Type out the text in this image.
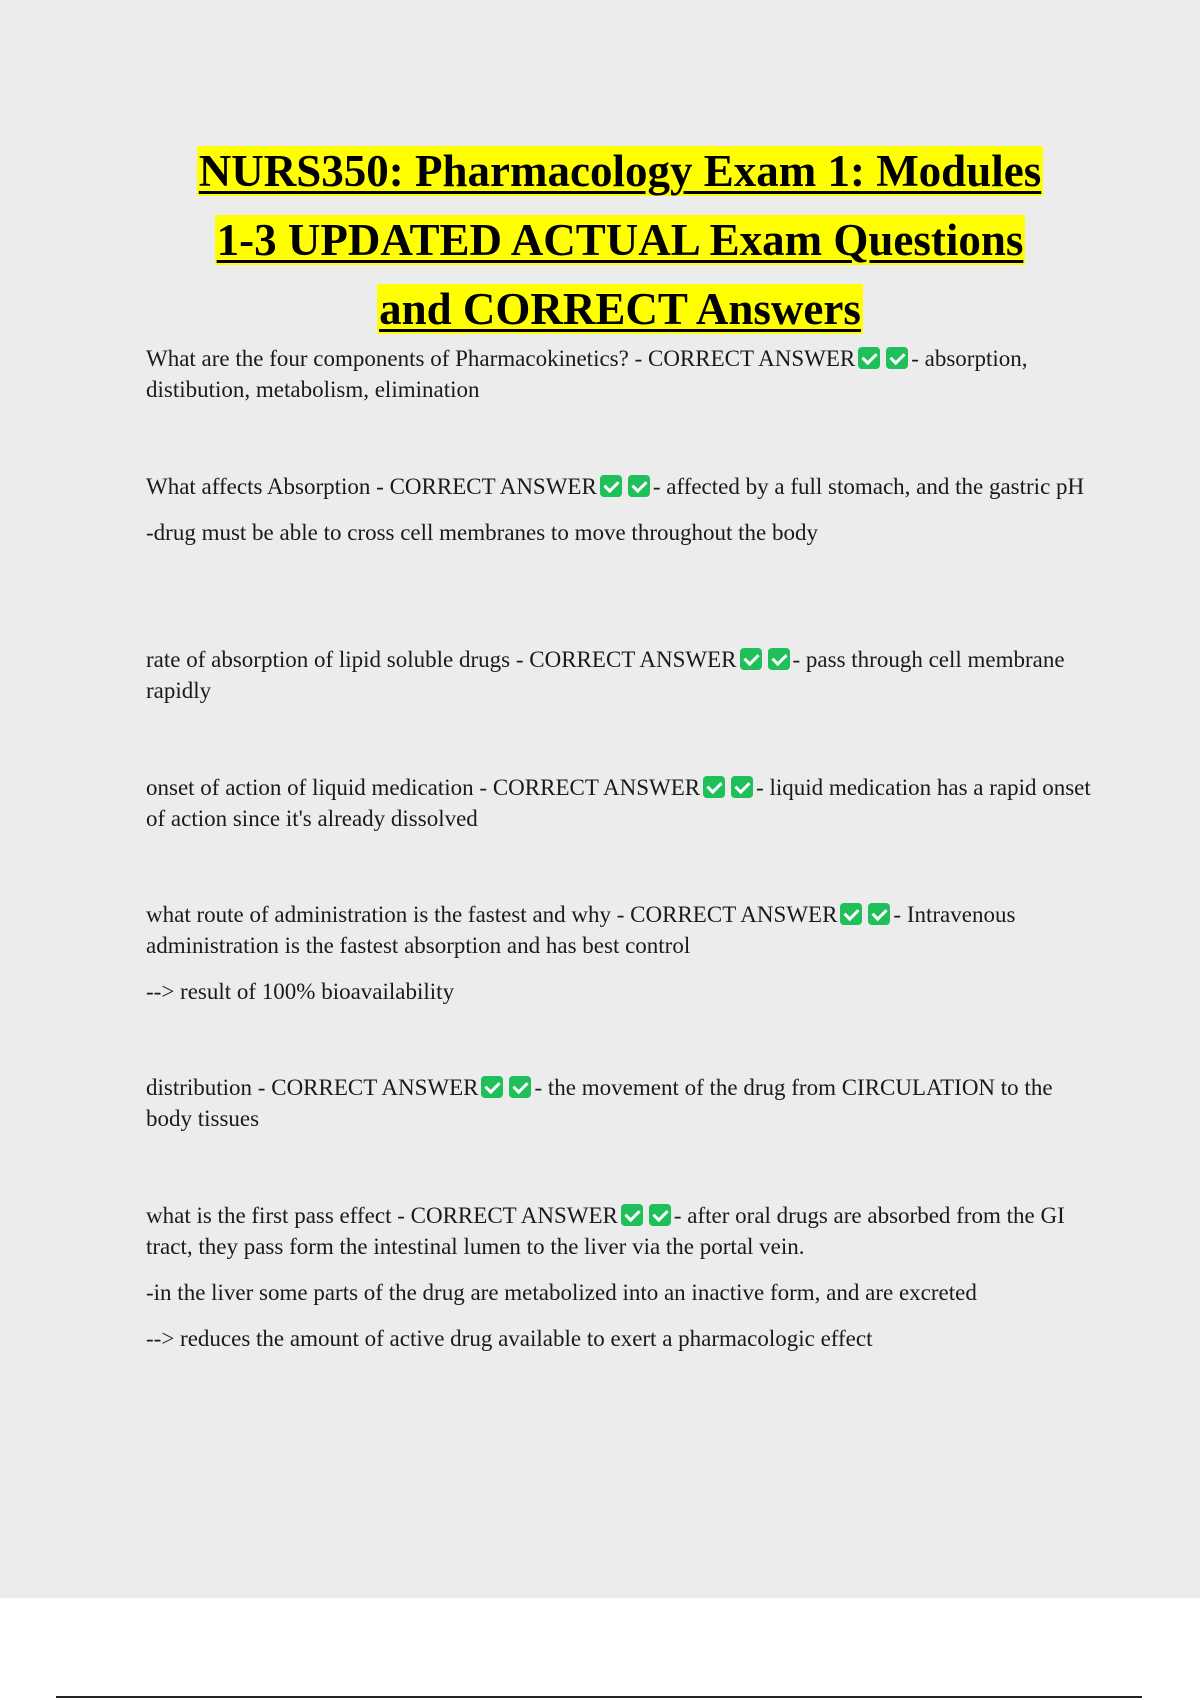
NURS350: Pharmacology Exam 1: Modules

1-3 UPDATED ACTUAL Exam Questions

and CORRECT Answers

What are the four components of Pharmacokinetics? - CORRECT ANSWER - absorption, distibution, metabolism, elimination

What affects Absorption - CORRECT ANSWER - affected by a full stomach, and the gastric pH

-drug must be able to cross cell membranes to move throughout the body

rate of absorption of lipid soluble drugs - CORRECT ANSWER - pass through cell membrane rapidly

onset of action of liquid medication - CORRECT ANSWER - liquid medication has a rapid onset of action since it's already dissolved

what route of administration is the fastest and why - CORRECT ANSWER - Intravenous administration is the fastest absorption and has best control

--> result of 100% bioavailability

distribution - CORRECT ANSWER - the movement of the drug from CIRCULATION to the body tissues

what is the first pass effect - CORRECT ANSWER - after oral drugs are absorbed from the GI tract, they pass form the intestinal lumen to the liver via the portal vein.

-in the liver some parts of the drug are metabolized into an inactive form, and are excreted

--> reduces the amount of active drug available to exert a pharmacologic effect
